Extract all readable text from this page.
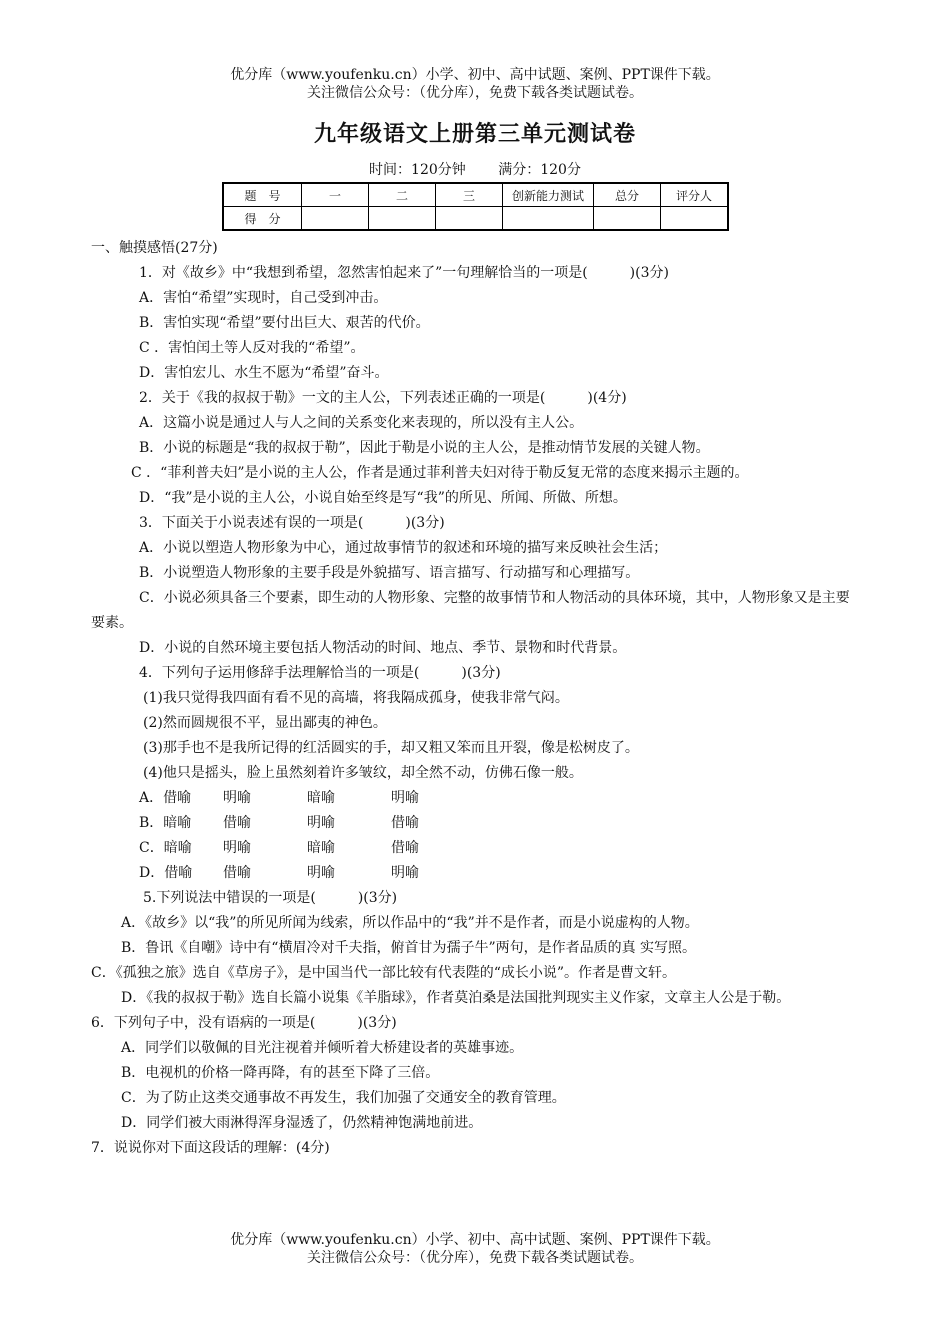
优分库（www.youfenku.cn）小学、初中、高中试题、案例、PPT课件下载。
关注微信公众号：（优分库），免费下载各类试题试卷。
九年级语文上册第三单元测试卷
时间：120分钟 满分：120分
题　号	一	二	三	创新能力测试	总分	评分人
得　分						
一、触摸感悟(27分)
1．对《故乡》中“我想到希望，忽然害怕起来了”一句理解恰当的一项是(　　　)(3分)
A．害怕“希望”实现时，自己受到冲击。
B．害怕实现“希望”要付出巨大、艰苦的代价。
C ．害怕闰土等人反对我的“希望”。
D．害怕宏儿、水生不愿为“希望”奋斗。
2．关于《我的叔叔于勒》一文的主人公，下列表述正确的一项是(　　　)(4分)
A．这篇小说是通过人与人之间的关系变化来表现的，所以没有主人公。
B．小说的标题是“我的叔叔于勒”，因此于勒是小说的主人公，是推动情节发展的关键人物。
C ．“菲利普夫妇”是小说的主人公，作者是通过菲利普夫妇对待于勒反复无常的态度来揭示主题的。
D．“我”是小说的主人公，小说自始至终是写“我”的所见、所闻、所做、所想。
3．下面关于小说表述有误的一项是(　　　)(3分)
A．小说以塑造人物形象为中心，通过故事情节的叙述和环境的描写来反映社会生活；
B．小说塑造人物形象的主要手段是外貌描写、语言描写、行动描写和心理描写。
C．小说必须具备三个要素，即生动的人物形象、完整的故事情节和人物活动的具体环境，其中，人物形象又是主要要素。
D．小说的自然环境主要包括人物活动的时间、地点、季节、景物和时代背景。
4．下列句子运用修辞手法理解恰当的一项是(　　　)(3分)
(1)我只觉得我四面有看不见的高墙，将我隔成孤身，使我非常气闷。
(2)然而圆规很不平，显出鄙夷的神色。
(3)那手也不是我所记得的红活圆实的手，却又粗又笨而且开裂，像是松树皮了。
(4)他只是摇头，脸上虽然刻着许多皱纹，却全然不动，仿佛石像一般。
A．借喻 明喻	暗喻	明喻
B．暗喻 借喻	明喻	借喻
C．暗喻 明喻	暗喻	借喻
D．借喻 借喻	明喻	明喻
5.下列说法中错误的一项是(　　　)(3分)
A．《故乡》以“我”的所见所闻为线索，所以作品中的“我”并不是作者，而是小说虚构的人物。
B．鲁讯《自嘲》诗中有“横眉冷对千夫指，俯首甘为孺子牛”两句，是作者品质的真 实写照。
C．《孤独之旅》选自《草房子》，是中国当代一部比较有代表陛的“成长小说”。作者是曹文轩。
D．《我的叔叔于勒》选自长篇小说集《羊脂球》，作者莫泊桑是法国批判现实主义作家，文章主人公是于勒。
6．下列句子中，没有语病的一项是(　　　)(3分)
A．同学们以敬佩的目光注视着并倾听着大桥建设者的英雄事迹。
B．电视机的价格一降再降，有的甚至下降了三倍。
C．为了防止这类交通事故不再发生，我们加强了交通安全的教育管理。
D．同学们被大雨淋得浑身湿透了，仍然精神饱满地前进。
7．说说你对下面这段话的理解：(4分)
优分库（www.youfenku.cn）小学、初中、高中试题、案例、PPT课件下载。
关注微信公众号：（优分库），免费下载各类试题试卷。
